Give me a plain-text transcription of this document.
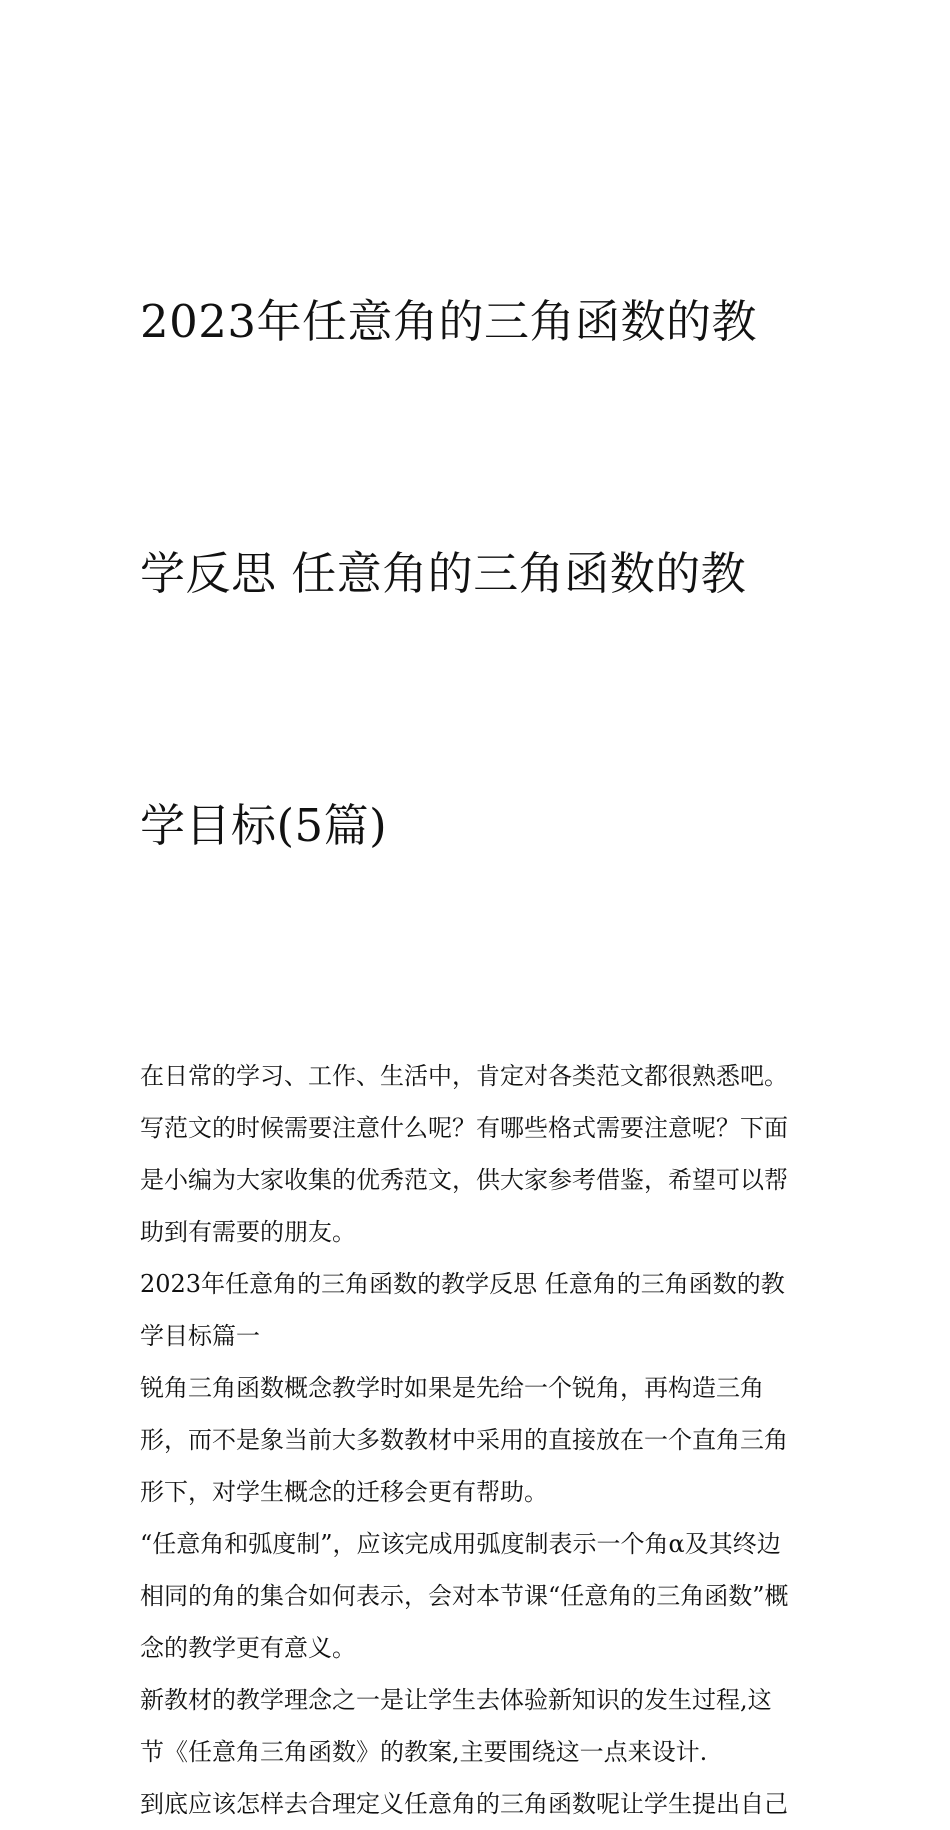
2023年任意角的三角函数的教

学反思 任意角的三角函数的教

学目标(5篇)

在日常的学习、工作、生活中，肯定对各类范文都很熟悉吧。
写范文的时候需要注意什么呢？有哪些格式需要注意呢？下面
是小编为大家收集的优秀范文，供大家参考借鉴，希望可以帮
助到有需要的朋友。

2023年任意角的三角函数的教学反思 任意角的三角函数的教
学目标篇一

锐角三角函数概念教学时如果是先给一个锐角，再构造三角
形，而不是象当前大多数教材中采用的直接放在一个直角三角
形下，对学生概念的迁移会更有帮助。

“任意角和弧度制”，应该完成用弧度制表示一个角α及其终边
相同的角的集合如何表示，会对本节课“任意角的三角函数”概
念的教学更有意义。

新教材的教学理念之一是让学生去体验新知识的发生过程,这
节《任意角三角函数》的教案,主要围绕这一点来设计.

到底应该怎样去合理定义任意角的三角函数呢让学生提出自己
